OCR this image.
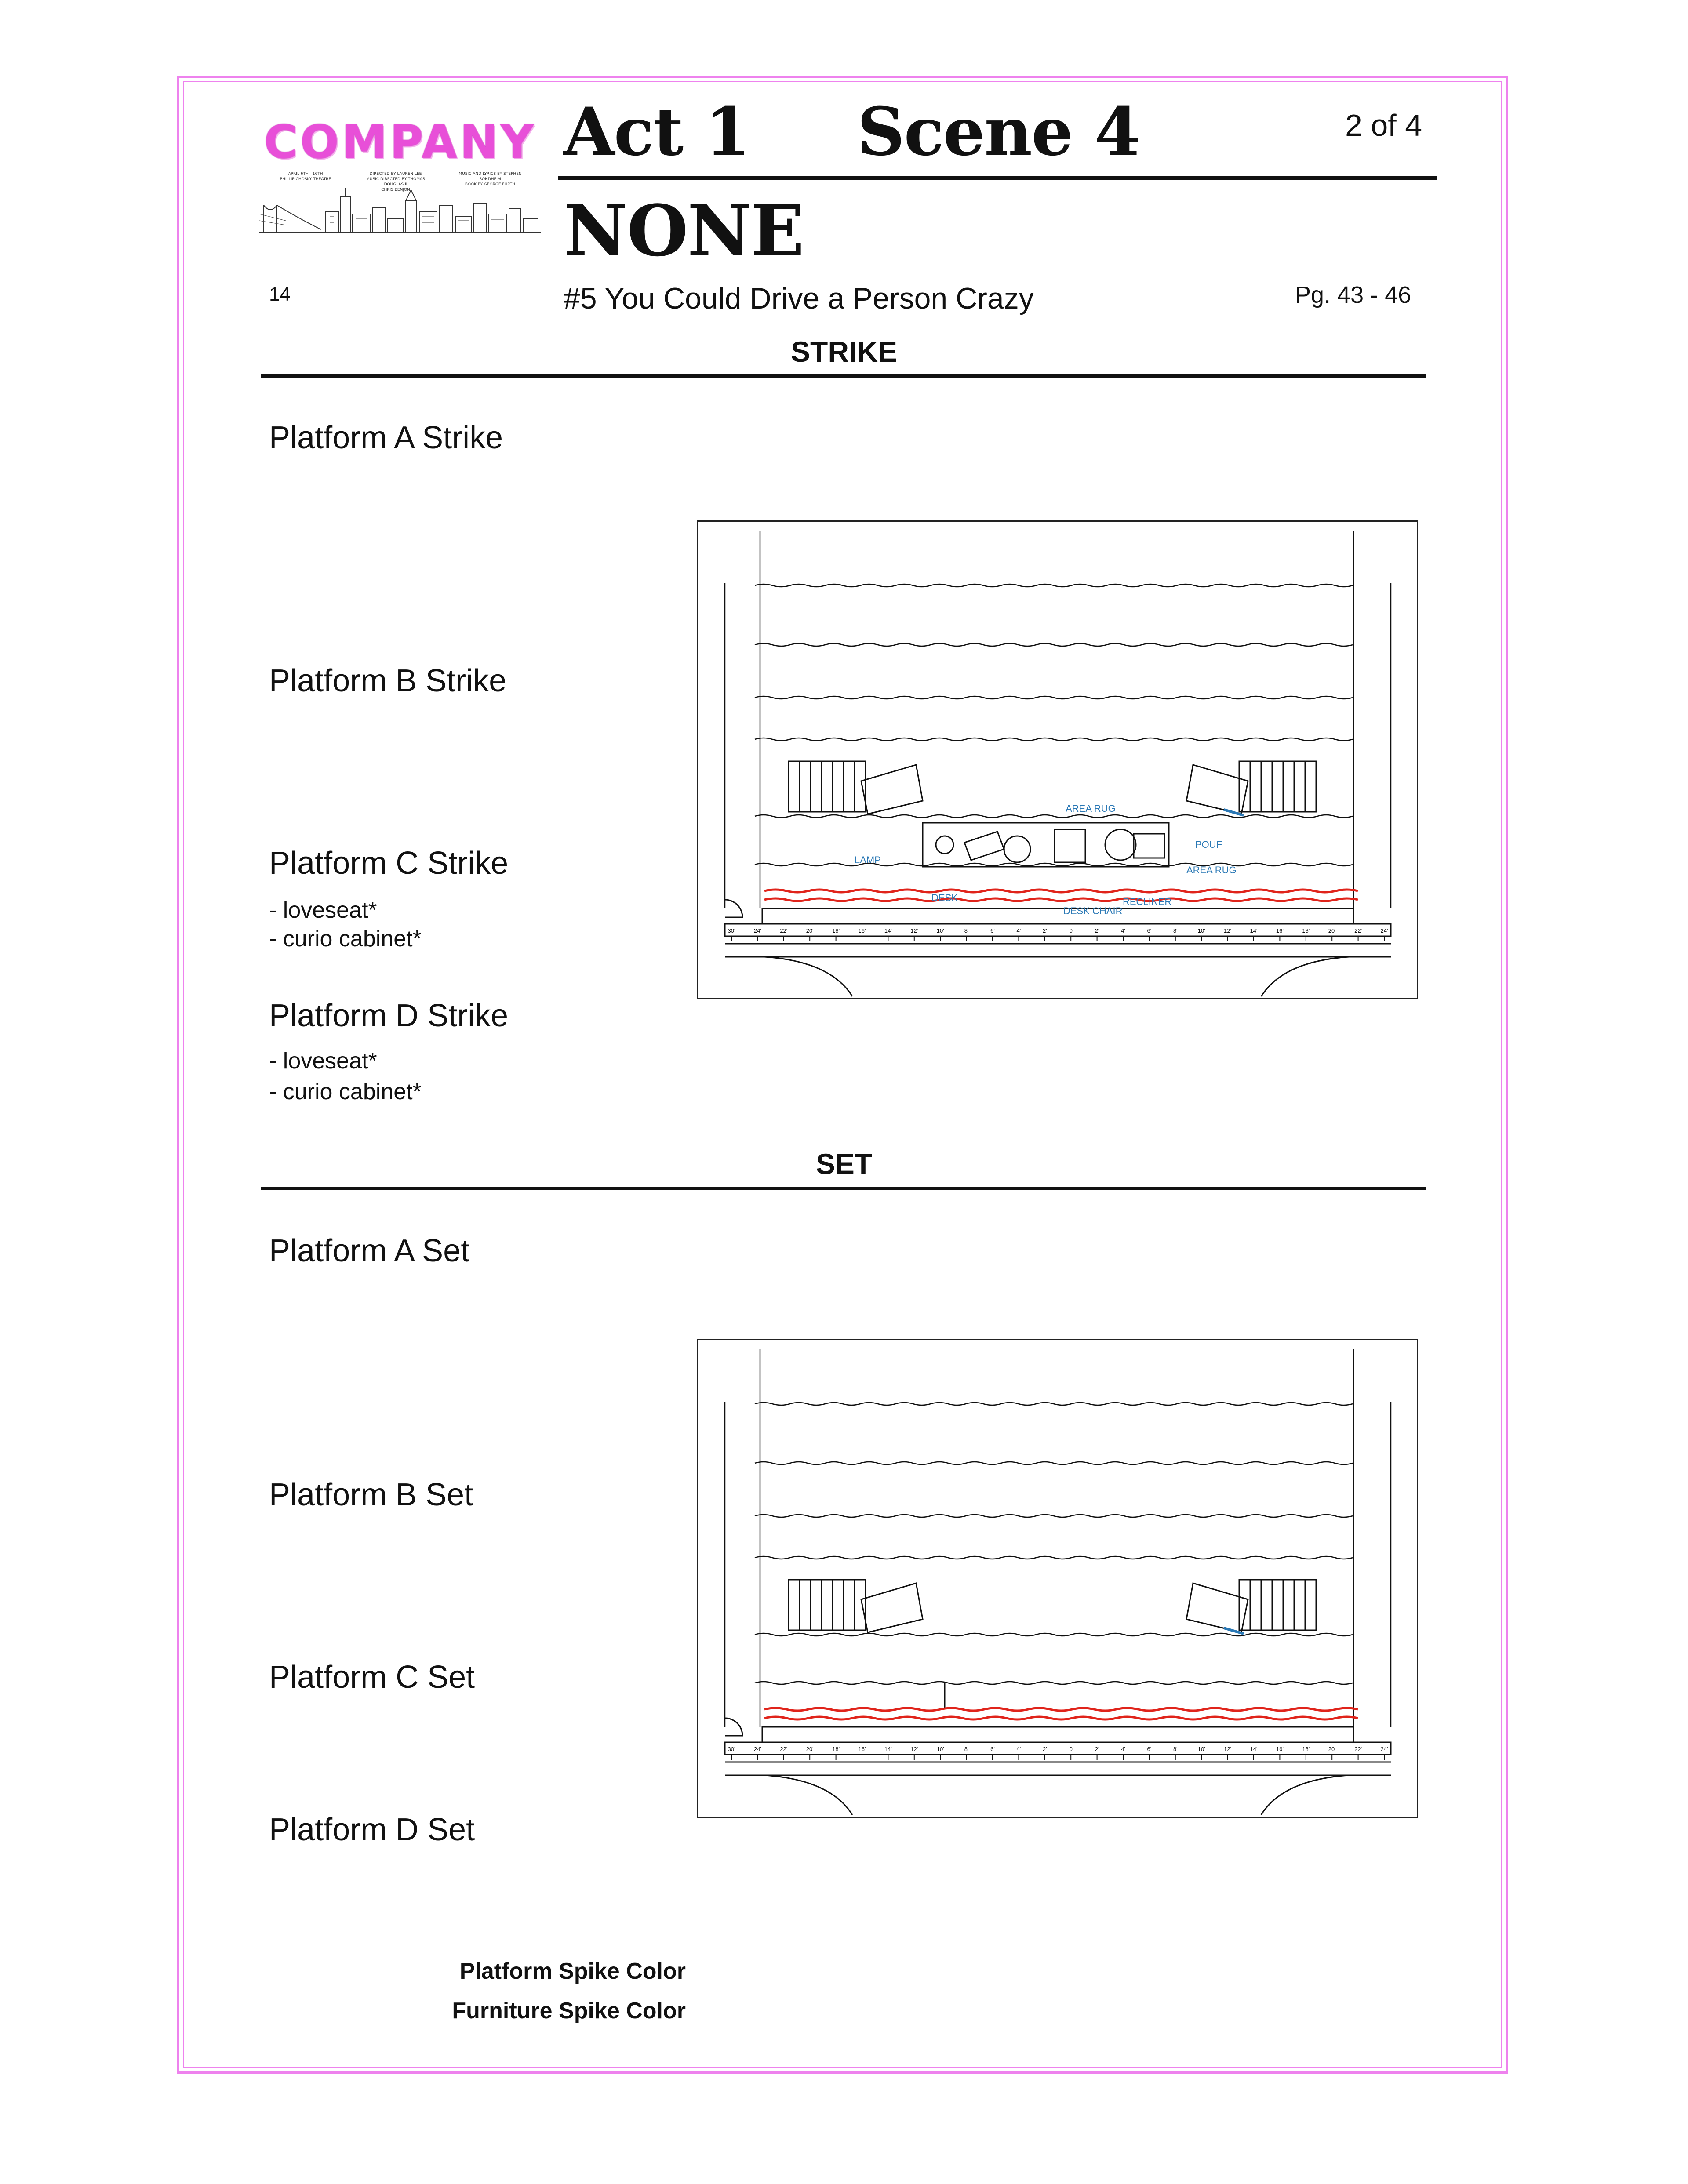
COMPANY
APRIL 6TH - 16TH
PHILLIP CHOSKY THEATRE
DIRECTED BY LAUREN LEE
MUSIC DIRECTED BY THOMAS DOUGLAS II
CHRIS BENJON
MUSIC AND LYRICS BY STEPHEN SONDHEIM
BOOK BY GEORGE FURTH
Act 1 Scene 4	2 of 4
NONE
14	#5 You Could Drive a Person Crazy	Pg. 43 - 46
STRIKE
Platform A Strike
Platform B Strike
Platform C Strike
- loveseat*
- curio cabinet*
Platform D Strike
- loveseat*
- curio cabinet*
30'	24'	22'	20'	18'	16'	14'	12'	10'	8'	6'	4'	2'	0	2'	4'	6'	8'	10'	12'	14'	16'	18'	20'	22'	24'
AREA RUG
POUF
LAMP
AREA RUG
DESK	RECLINER
DESK CHAIR
SET
Platform A Set
Platform B Set
Platform C Set
Platform D Set
30'	24'	22'	20'	18'	16'	14'	12'	10'	8'	6'	4'	2'	0	2'	4'	6'	8'	10'	12'	14'	16'	18'	20'	22'	24'
Platform Spike Color
Furniture Spike Color
